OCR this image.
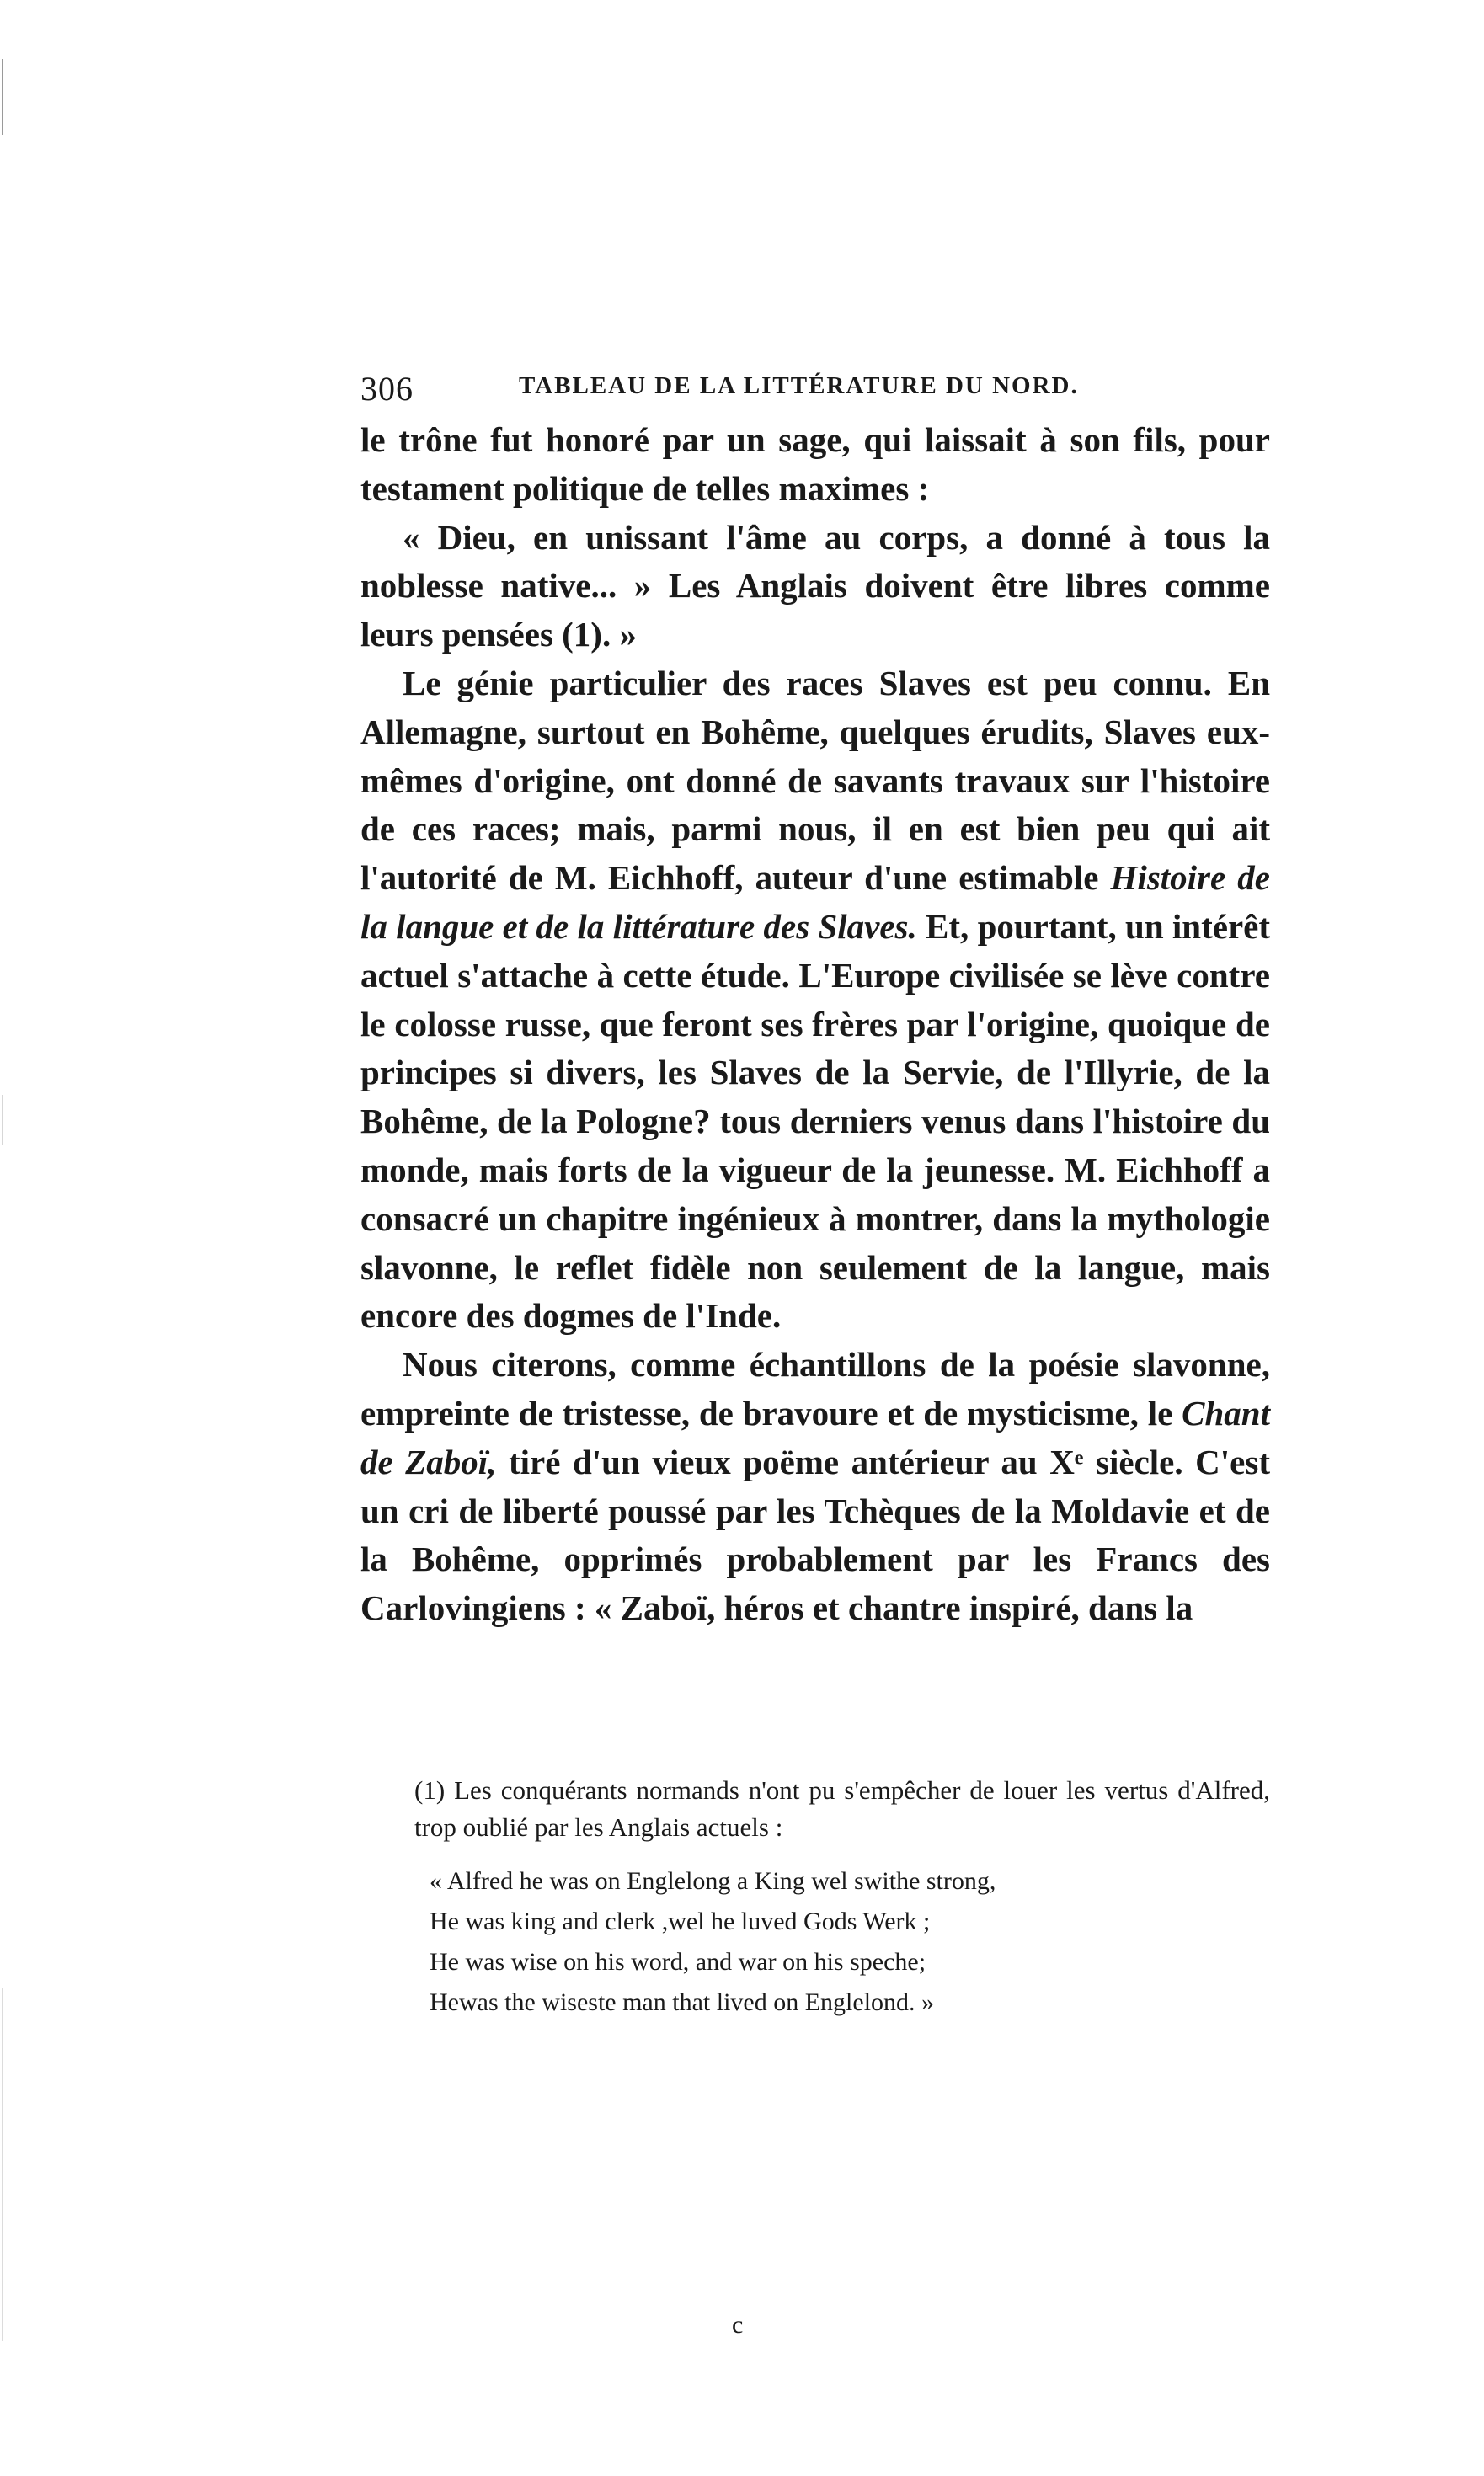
306	TABLEAU DE LA LITTÉRATURE DU NORD.

le trône fut honoré par un sage, qui laissait à son fils, pour testament politique de telles maximes :

« Dieu, en unissant l'âme au corps, a donné à tous la noblesse native... » Les Anglais doivent être libres comme leurs pensées (1). »

Le génie particulier des races Slaves est peu connu. En Allemagne, surtout en Bohême, quelques érudits, Slaves eux-mêmes d'origine, ont donné de savants travaux sur l'histoire de ces races; mais, parmi nous, il en est bien peu qui ait l'autorité de M. Eichhoff, auteur d'une estimable Histoire de la langue et de la littérature des Slaves. Et, pourtant, un intérêt actuel s'attache à cette étude. L'Europe civilisée se lève contre le colosse russe, que feront ses frères par l'origine, quoique de principes si divers, les Slaves de la Servie, de l'Illyrie, de la Bohême, de la Pologne? tous derniers venus dans l'histoire du monde, mais forts de la vigueur de la jeunesse. M. Eichhoff a consacré un chapitre ingénieux à montrer, dans la mythologie slavonne, le reflet fidèle non seulement de la langue, mais encore des dogmes de l'Inde.

Nous citerons, comme échantillons de la poésie slavonne, empreinte de tristesse, de bravoure et de mysticisme, le Chant de Zaboï, tiré d'un vieux poëme antérieur au Xᵉ siècle. C'est un cri de liberté poussé par les Tchèques de la Moldavie et de la Bohême, opprimés probablement par les Francs des Carlovingiens : « Zaboï, héros et chantre inspiré, dans la

(1) Les conquérants normands n'ont pu s'empêcher de louer les vertus d'Alfred, trop oublié par les Anglais actuels :

« Alfred he was on Englelong a King wel swithe strong,
He was king and clerk ,wel he luved Gods Werk ;
He was wise on his word, and war on his speche;
Hewas the wiseste man that lived on Englelond. »
c
